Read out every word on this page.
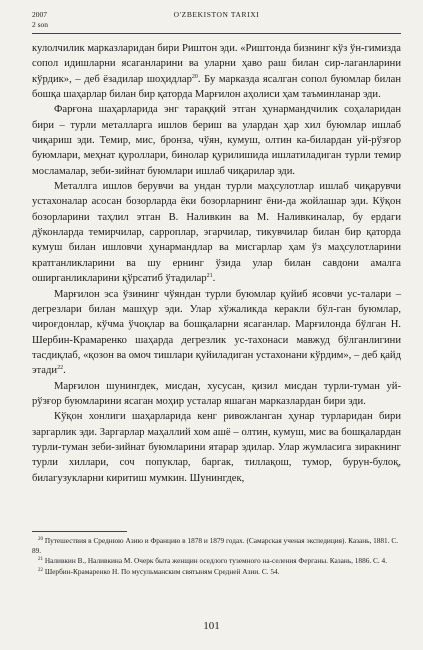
2007	O'ZBEKISTON TARIXI
2 son

кулолчилик марказларидан бири Риштон эди. «Риштонда бизнинг кўз ўн-гимизда сопол идишларни ясаганларини ва уларни ҳаво раш билан сир-лаганларини кўрдик», – деб ёзадилар шоҳидлар$^{20}$. Бу марказда ясалган сопол буюмлар билан бошқа шаҳарлар билан бир қаторда Марғилон аҳолиси ҳам таъминланар эди.

Фарғона шаҳарларида энг тараққий этган ҳунармандчилик соҳаларидан бири – турли металларга ишлов бериш ва улардан ҳар хил буюмлар ишлаб чиқариш эди. Темир, мис, бронза, чўян, кумуш, олтин ка-билардан уй-рўзғор буюмлари, меҳнат қуроллари, бинолар қурилишида ишлатиладиган турли темир мосламалар, зеби-зийнат буюмлари ишлаб чиқарилар эди.

Металлга ишлов берувчи ва ундан турли маҳсулотлар ишлаб чиқарувчи устахоналар асосан бозорларда ёки бозорларнинг ёни-да жойлашар эди. Кўқон бозорларини таҳлил этган В. Наливкин ва М. Наливкиналар, бу ердаги дўконларда темирчилар, сарроплар, эгарчилар, тикувчилар билан бир қаторда кумуш билан ишловчи ҳунармандлар ва мисгарлар ҳам ўз маҳсулотларини кратганликларини ва шу ернинг ўзида улар билан савдони амалга оширганликларини қўрсатиб ўтадилар$^{21}$.

Марғилон эса ўзининг чўяндан турли буюмлар қуйиб ясовчи ус-талари – дегрезлари билан машҳур эди. Улар хўжаликда керакли бўл-ган буюмлар, чироғдонлар, кўчма ўчоқлар ва бошқаларни ясаганлар. Марғилонда бўлган Н. Шербин-Крамаренко шаҳарда дегрезлик ус-тахонаси мавжуд бўлганлигини тасдиқлаб, «қозон ва омоч тишлари қуйиладиган устахонани кўрдим», – деб қайд этади$^{22}$.

Марғилон шунингдек, мисдан, хусусан, қизил мисдан турли-туман уй-рўзғор буюмларини ясаган моҳир усталар яшаган марказлардан бири эди.

Кўқон хонлиги шаҳарларида кенг ривожланган ҳунар турларидан бири заргарлик эди. Заргарлар маҳаллий хом ашё – олтин, кумуш, мис ва бошқалардан турли-туман зеби-зийнат буюмларини ятарар эдилар. Улар жумласига зиракнинг турли хиллари, соч попуклар, баргак, тиллақош, тумор, бурун-булоқ, билагузукларни киритиш мумкин. Шунингдек,

$^{20}$ Путешествия в Среднюю Азию и Францию в 1878 и 1879 годах. (Самарская ученая экспедиция). Казань, 1881. С. 89.

$^{21}$ Наливкин В., Наливкина М. Очерк быта женщин оседлого туземного на-селения Ферганы. Казань, 1886. С. 4.

$^{22}$ Шербин-Крамаренко Н. По мусульманским святыням Средней Азии. С. 54.

101
